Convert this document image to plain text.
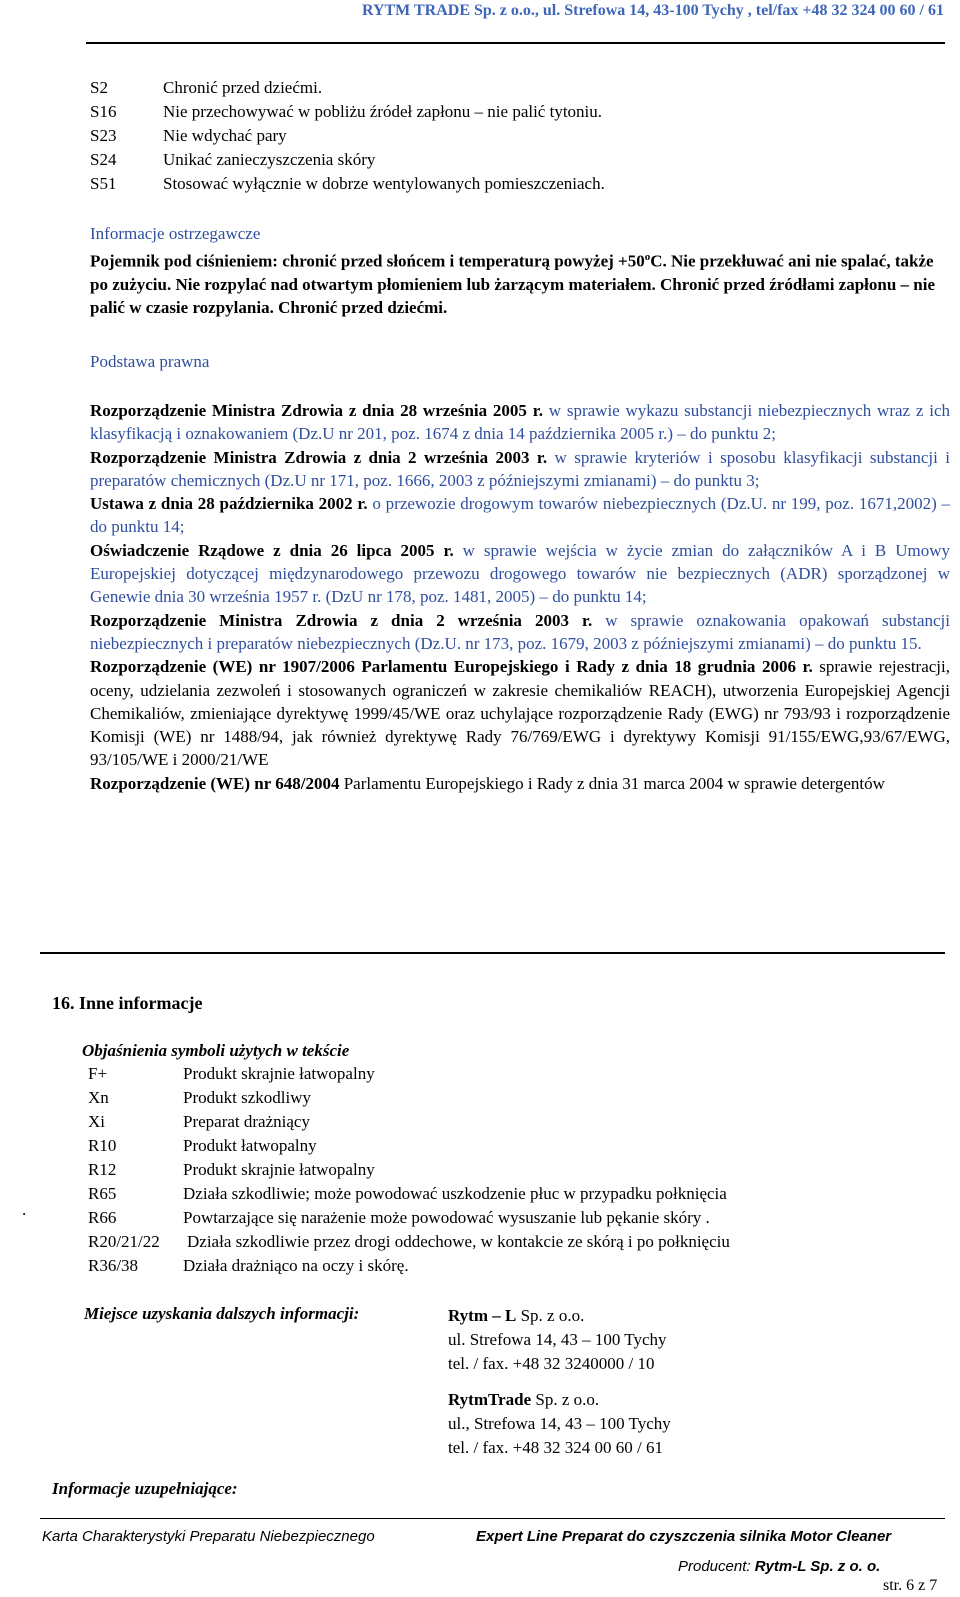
RYTM TRADE Sp. z o.o., ul. Strefowa 14, 43-100 Tychy , tel/fax +48 32 324 00 60 / 61
S2	Chronić przed dziećmi.
S16	Nie przechowywać w pobliżu źródeł zapłonu – nie palić tytoniu.
S23	Nie wdychać pary
S24	Unikać zanieczyszczenia skóry
S51	Stosować wyłącznie w dobrze wentylowanych pomieszczeniach.
Informacje ostrzegawcze
Pojemnik pod ciśnieniem: chronić przed słońcem i temperaturą powyżej $+50^oC$. Nie przekłuwać ani nie spalać, także po zużyciu. Nie rozpylać nad otwartym płomieniem lub żarzącym materiałem. Chronić przed źródłami zapłonu – nie palić w czasie rozpylania. Chronić przed dziećmi.
Podstawa prawna
Rozporządzenie Ministra Zdrowia z dnia 28 września 2005 r. w sprawie wykazu substancji niebezpiecznych wraz z ich klasyfikacją i oznakowaniem (Dz.U nr 201, poz. 1674 z dnia 14 października 2005 r.) – do punktu 2;
Rozporządzenie Ministra Zdrowia z dnia 2 września 2003 r. w sprawie kryteriów i sposobu klasyfikacji substancji i preparatów chemicznych (Dz.U nr 171, poz. 1666, 2003 z późniejszymi zmianami) – do punktu 3;
Ustawa z dnia 28 października 2002 r. o przewozie drogowym towarów niebezpiecznych (Dz.U. nr 199, poz. 1671,2002) – do punktu 14;
Oświadczenie Rządowe z dnia 26 lipca 2005 r. w sprawie wejścia w życie zmian do załączników A i B Umowy Europejskiej dotyczącej międzynarodowego przewozu drogowego towarów nie bezpiecznych (ADR) sporządzonej w Genewie dnia 30 września 1957 r. (DzU nr 178, poz. 1481, 2005) – do punktu 14;
Rozporządzenie Ministra Zdrowia z dnia 2 września 2003 r. w sprawie oznakowania opakowań substancji niebezpiecznych i preparatów niebezpiecznych (Dz.U. nr 173, poz. 1679, 2003 z późniejszymi zmianami) – do punktu 15.
Rozporządzenie (WE) nr 1907/2006 Parlamentu Europejskiego i Rady z dnia 18 grudnia 2006 r. sprawie rejestracji, oceny, udzielania zezwoleń i stosowanych ograniczeń w zakresie chemikaliów REACH), utworzenia Europejskiej Agencji Chemikaliów, zmieniające dyrektywę 1999/45/WE oraz uchylające rozporządzenie Rady (EWG) nr 793/93 i rozporządzenie Komisji (WE) nr 1488/94, jak również dyrektywę Rady 76/769/EWG i dyrektywy Komisji 91/155/EWG,93/67/EWG, 93/105/WE i 2000/21/WE
Rozporządzenie (WE) nr 648/2004 Parlamentu Europejskiego i Rady z dnia 31 marca 2004 w sprawie detergentów
16. Inne informacje
Objaśnienia symboli użytych w tekście
.
F+	Produkt skrajnie łatwopalny
Xn	Produkt szkodliwy
Xi	Preparat drażniący
R10	Produkt łatwopalny
R12	Produkt skrajnie łatwopalny
R65	Działa szkodliwie; może powodować uszkodzenie płuc w przypadku połknięcia
R66	Powtarzające się narażenie może powodować wysuszanie lub pękanie skóry .
R20/21/22 Działa szkodliwie przez drogi oddechowe, w kontakcie ze skórą i po połknięciu
R36/38	Działa drażniąco na oczy i skórę.
Miejsce uzyskania dalszych informacji:	Rytm – L Sp. z o.o.
ul. Strefowa 14, 43 – 100 Tychy
tel. / fax. +48 32 3240000 / 10
RytmTrade Sp. z o.o.
ul., Strefowa 14, 43 – 100 Tychy
tel. / fax. +48 32 324 00 60 / 61
Informacje uzupełniające:
Karta Charakterystyki Preparatu Niebezpiecznego	Expert Line Preparat do czyszczenia silnika Motor Cleaner
Producent: Rytm-L Sp. z o. o.
str. 6 z 7
